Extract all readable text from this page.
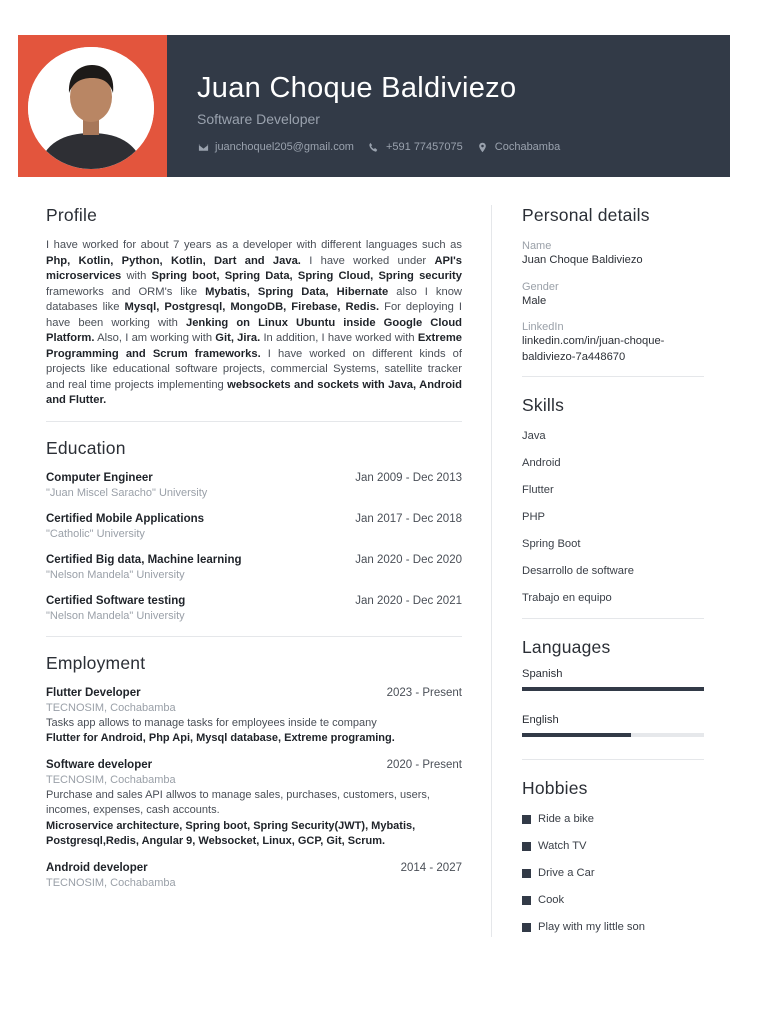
Juan Choque Baldiviezo
Software Developer
juanchoquel205@gmail.com	+591 77457075	Cochabamba
Profile
I have worked for about 7 years as a developer with different languages such as Php, Kotlin, Python, Kotlin, Dart and Java. I have worked under API's microservices with Spring boot, Spring Data, Spring Cloud, Spring security frameworks and ORM's like Mybatis, Spring Data, Hibernate also I know databases like Mysql, Postgresql, MongoDB, Firebase, Redis. For deploying I have been working with Jenking on Linux Ubuntu inside Google Cloud Platform. Also, I am working with Git, Jira. In addition, I have worked with Extreme Programming and Scrum frameworks. I have worked on different kinds of projects like educational software projects, commercial Systems, satellite tracker and real time projects implementing websockets and sockets with Java, Android and Flutter.
Education
Computer Engineer	Jan 2009 - Dec 2013
"Juan Miscel Saracho" University
Certified Mobile Applications	Jan 2017 - Dec 2018
"Catholic" University
Certified Big data, Machine learning	Jan 2020 - Dec 2020
"Nelson Mandela" University
Certified Software testing	Jan 2020 - Dec 2021
"Nelson Mandela" University
Employment
Flutter Developer	2023 - Present
TECNOSIM, Cochabamba
Tasks app allows to manage tasks for employees inside te company
Flutter for Android, Php Api, Mysql database, Extreme programing.
Software developer	2020 - Present
TECNOSIM, Cochabamba
Purchase and sales API allwos to manage sales, purchases, customers, users, incomes, expenses, cash accounts.
Microservice architecture, Spring boot, Spring Security(JWT), Mybatis, Postgresql,Redis, Angular 9, Websocket, Linux, GCP, Git, Scrum.
Android developer	2014 - 2027
TECNOSIM, Cochabamba
Personal details
Name
Juan Choque Baldiviezo
Gender
Male
LinkedIn
linkedin.com/in/juan-choque-baldiviezo-7a448670
Skills
Java
Android
Flutter
PHP
Spring Boot
Desarrollo de software
Trabajo en equipo
Languages
Spanish
English
Hobbies
Ride a bike
Watch TV
Drive a Car
Cook
Play with my little son
